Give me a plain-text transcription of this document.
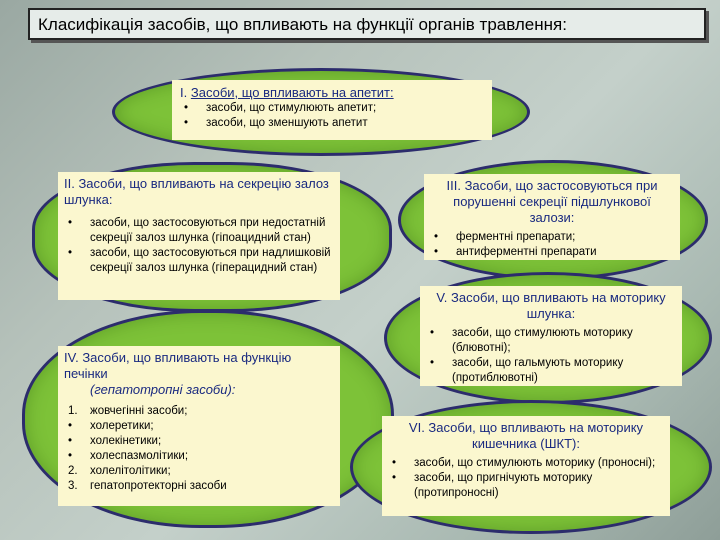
Класифікація засобів, що впливають на функції органів травлення:
I. Засоби, що впливають на апетит:
• засоби, що стимулюють апетит;
• засоби, що зменшують апетит
II. Засоби, що впливають на секрецію залоз шлунка:
• засоби, що застосовуються при недостатній секреції залоз шлунка (гіпоацидний стан)
• засоби, що застосовуються при надлишковій секреції залоз шлунка (гіперацидний стан)
ІІІ. Засоби, що застосовуються при порушенні секреції підшлункової залози:
• ферментні препарати;
• антиферментні препарати
V. Засоби, що впливають на моторику шлунка:
• засоби, що стимулюють моторику (блювотні);
• засоби, що гальмують моторику (протиблювотні)
IV. Засоби, що впливають на функцію печінки
(гепатотропні засоби):
1. жовчегінні засоби;
• холеретики;
• холекінетики;
• холеспазмолітики;
2. холелітолітики;
3. гепатопротекторні засоби
VI. Засоби, що впливають на моторику кишечника (ШКТ):
• засоби, що стимулюють моторику (проносні);
• засоби, що пригнічують моторику (протипроносні)
